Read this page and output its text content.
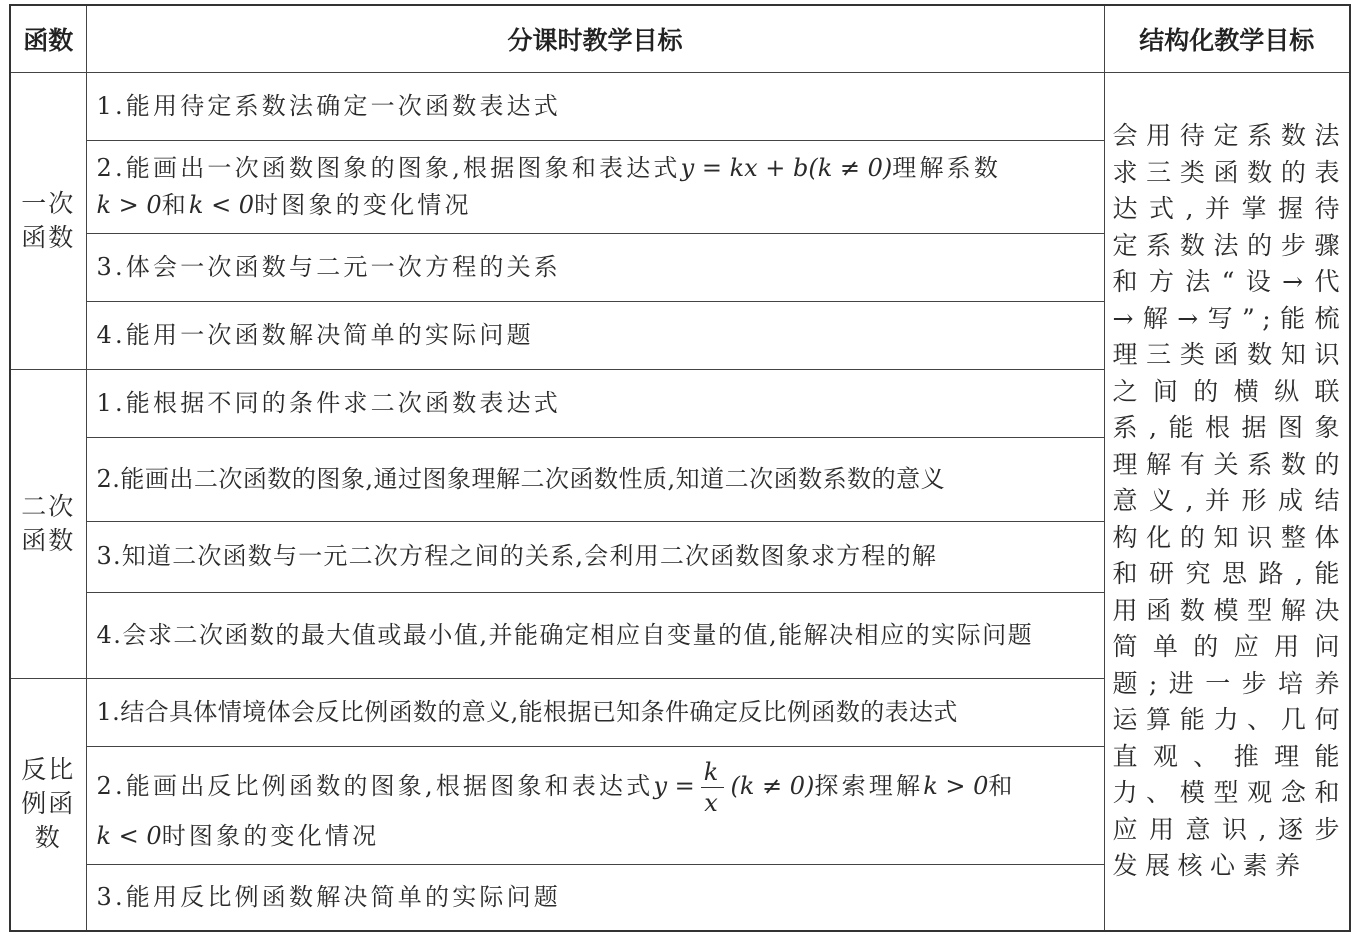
函数	分课时教学目标	结构化教学目标
一次函数	1.能用待定系数法确定一次函数表达式	会用待定系数法求三类函数的表达式,并掌握待定系数法的步骤和方法“设→代→解→写”;能梳理三类函数知识之间的横纵联系,能根据图象理解有关系数的意义,并形成结构化的知识整体和研究思路,能用函数模型解决简单的应用问题;进一步培养运算能力、几何直观、推理能力、模型观念和应用意识,逐步发展核心素养
	2.能画出一次函数图象的图象,根据图象和表达式y = kx + b(k ≠ 0)理解系数
k > 0和k < 0时图象的变化情况	
	3.体会一次函数与二元一次方程的关系	
	4.能用一次函数解决简单的实际问题	
二次函数	1.能根据不同的条件求二次函数表达式	
	2.能画出二次函数的图象,通过图象理解二次函数性质,知道二次函数系数的意义	
	3.知道二次函数与一元二次方程之间的关系,会利用二次函数图象求方程的解	
	4.会求二次函数的最大值或最小值,并能确定相应自变量的值,能解决相应的实际问题	
反比例函数	1.结合具体情境体会反比例函数的意义,能根据已知条件确定反比例函数的表达式	
	2.能画出反比例函数的图象,根据图象和表达式$y = \frac{k}{x} (k \ne 0)$探索理解k > 0和
k < 0时图象的变化情况	
	3.能用反比例函数解决简单的实际问题	
